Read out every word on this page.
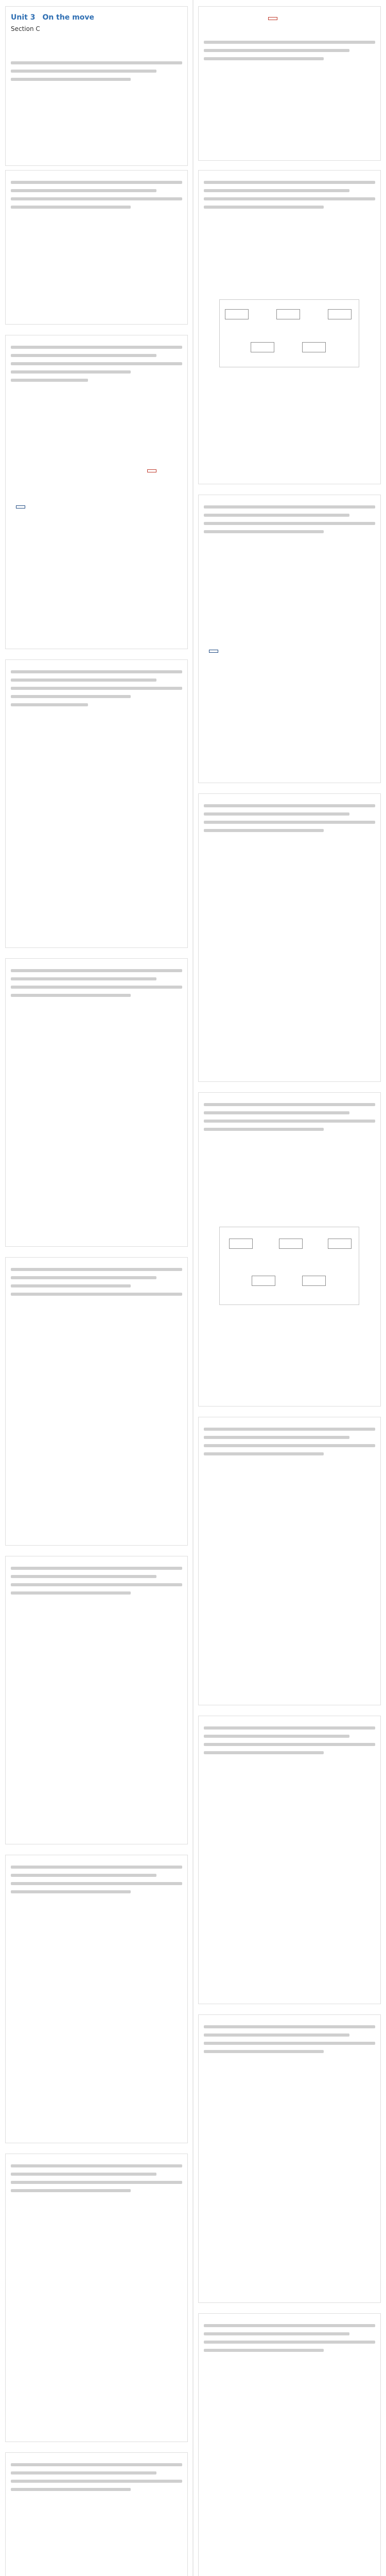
Unit 3　On the move
Section C
